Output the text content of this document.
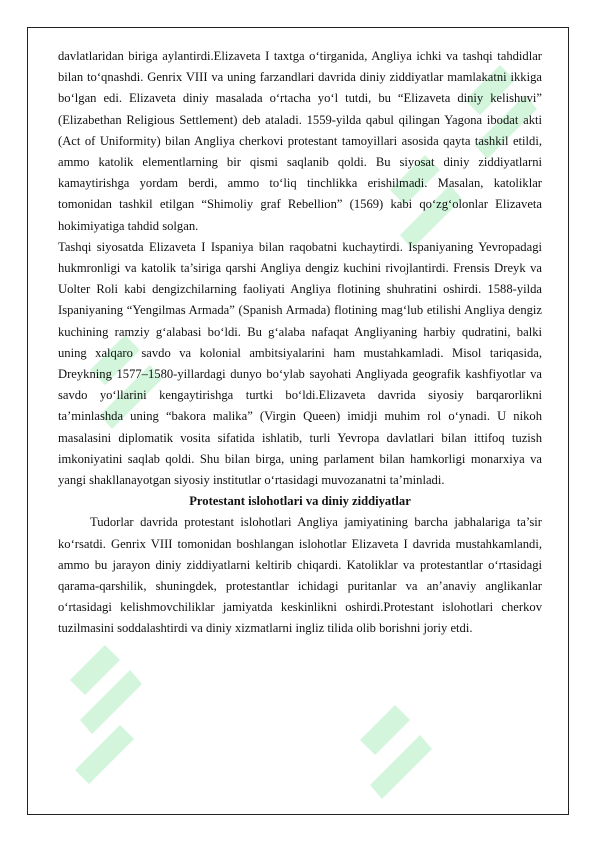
davlatlaridan biriga aylantirdi.Elizaveta I taxtga o‘tirganida, Angliya ichki va tashqi tahdidlar bilan to‘qnashdi. Genrix VIII va uning farzandlari davrida diniy ziddiyatlar mamlakatni ikkiga bo‘lgan edi. Elizaveta diniy masalada o‘rtacha yo‘l tutdi, bu “Elizaveta diniy kelishuvi” (Elizabethan Religious Settlement) deb ataladi. 1559-yilda qabul qilingan Yagona ibodat akti (Act of Uniformity) bilan Angliya cherkovi protestant tamoyillari asosida qayta tashkil etildi, ammo katolik elementlarning bir qismi saqlanib qoldi. Bu siyosat diniy ziddiyatlarni kamaytirishga yordam berdi, ammo to‘liq tinchlikka erishilmadi. Masalan, katoliklar tomonidan tashkil etilgan “Shimoliy graf Rebellion” (1569) kabi qo‘zg‘olonlar Elizaveta hokimiyatiga tahdid solgan.

Tashqi siyosatda Elizaveta I Ispaniya bilan raqobatni kuchaytirdi. Ispaniyaning Yevropadagi hukmronligi va katolik ta’siriga qarshi Angliya dengiz kuchini rivojlantirdi. Frensis Dreyk va Uolter Roli kabi dengizchilarning faoliyati Angliya flotining shuhratini oshirdi. 1588-yilda Ispaniyaning “Yengilmas Armada” (Spanish Armada) flotining mag‘lub etilishi Angliya dengiz kuchining ramziy g‘alabasi bo‘ldi. Bu g‘alaba nafaqat Angliyaning harbiy qudratini, balki uning xalqaro savdo va kolonial ambitsiyalarini ham mustahkamladi. Misol tariqasida, Dreykning 1577–1580-yillardagi dunyo bo‘ylab sayohati Angliyada geografik kashfiyotlar va savdo yo‘llarini kengaytirishga turtki bo‘ldi.Elizaveta davrida siyosiy barqarorlikni ta’minlashda uning “bakora malika” (Virgin Queen) imidji muhim rol o‘ynadi. U nikoh masalasini diplomatik vosita sifatida ishlatib, turli Yevropa davlatlari bilan ittifoq tuzish imkoniyatini saqlab qoldi. Shu bilan birga, uning parlament bilan hamkorligi monarxiya va yangi shakllanayotgan siyosiy institutlar o‘rtasidagi muvozanatni ta’minladi.

Protestant islohotlari va diniy ziddiyatlar

Tudorlar davrida protestant islohotlari Angliya jamiyatining barcha jabhalariga ta’sir ko‘rsatdi. Genrix VIII tomonidan boshlangan islohotlar Elizaveta I davrida mustahkamlandi, ammo bu jarayon diniy ziddiyatlarni keltirib chiqardi. Katoliklar va protestantlar o‘rtasidagi qarama-qarshilik, shuningdek, protestantlar ichidagi puritanlar va an’anaviy anglikanlar o‘rtasidagi kelishmovchiliklar jamiyatda keskinlikni oshirdi.Protestant islohotlari cherkov tuzilmasini soddalashtirdi va diniy xizmatlarni ingliz tilida olib borishni joriy etdi.
